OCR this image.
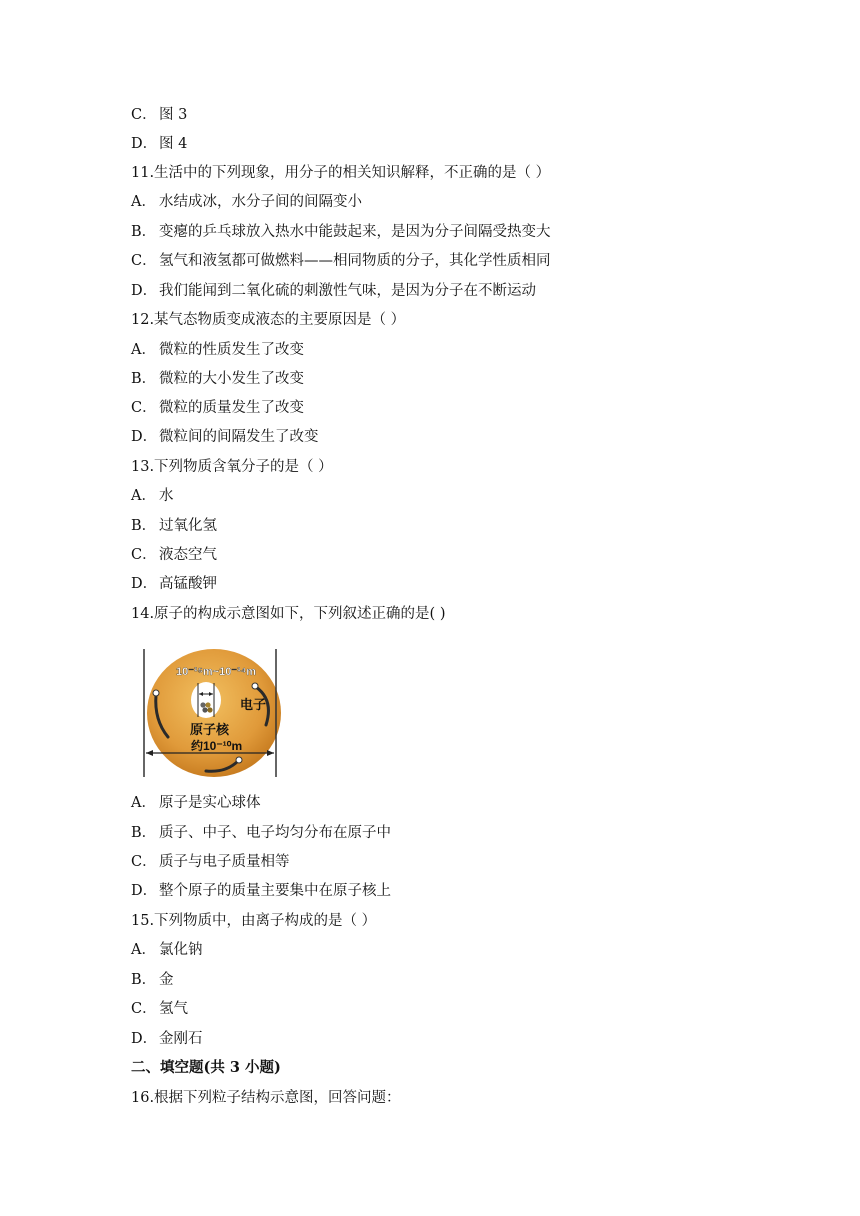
C． 图 3
D． 图 4
11.生活中的下列现象，用分子的相关知识解释，不正确的是（ ）
A． 水结成冰，水分子间的间隔变小
B． 变瘪的乒乓球放入热水中能鼓起来，是因为分子间隔受热变大
C． 氢气和液氢都可做燃料——相同物质的分子，其化学性质相同
D． 我们能闻到二氧化硫的刺激性气味，是因为分子在不断运动
12.某气态物质变成液态的主要原因是（ ）
A． 微粒的性质发生了改变
B． 微粒的大小发生了改变
C． 微粒的质量发生了改变
D． 微粒间的间隔发生了改变
13.下列物质含氧分子的是（ ）
A． 水
B． 过氧化氢
C． 液态空气
D． 高锰酸钾
14.原子的构成示意图如下，下列叙述正确的是( )
A． 原子是实心球体
B． 质子、中子、电子均匀分布在原子中
C． 质子与电子质量相等
D． 整个原子的质量主要集中在原子核上
15.下列物质中，由离子构成的是（ ）
A． 氯化钠
B． 金
C． 氢气
D． 金刚石
二、填空题(共 3 小题)
16.根据下列粒子结构示意图，回答问题：
10⁻¹⁵m~10⁻¹⁴m
电子
原子核
约10⁻¹⁰m
